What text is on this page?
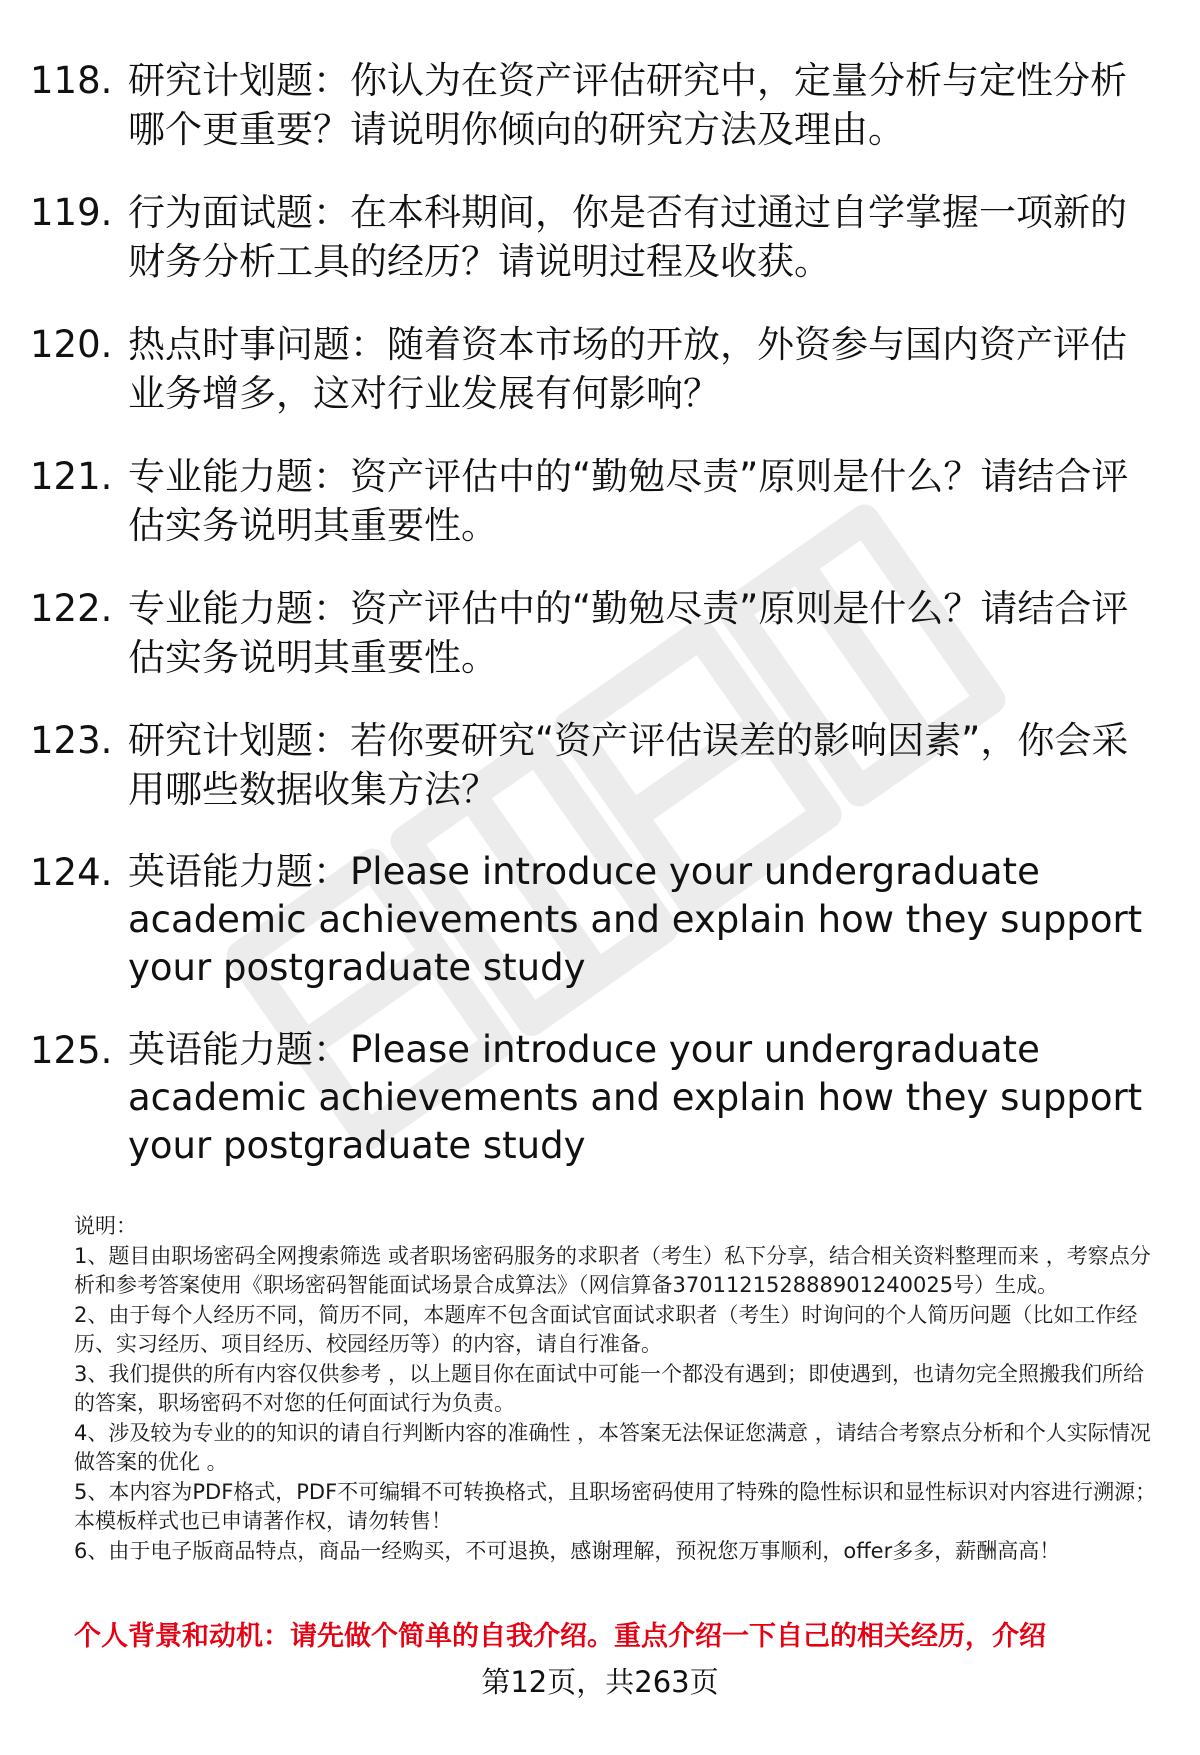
118. 研究计划题：你认为在资产评估研究中，定量分析与定性分析哪个更重要？请说明你倾向的研究方法及理由。
119. 行为面试题：在本科期间，你是否有过通过自学掌握一项新的财务分析工具的经历？请说明过程及收获。
120. 热点时事问题：随着资本市场的开放，外资参与国内资产评估业务增多，这对行业发展有何影响？
121. 专业能力题：资产评估中的“勤勉尽责”原则是什么？请结合评估实务说明其重要性。
122. 专业能力题：资产评估中的“勤勉尽责”原则是什么？请结合评估实务说明其重要性。
123. 研究计划题：若你要研究“资产评估误差的影响因素”，你会采用哪些数据收集方法？
124. 英语能力题：Please introduce your undergraduate academic achievements and explain how they support your postgraduate study
125. 英语能力题：Please introduce your undergraduate academic achievements and explain how they support your postgraduate study

说明：

1、题目由职场密码全网搜索筛选 或者职场密码服务的求职者（考生）私下分享，结合相关资料整理而来 ，考察点分析和参考答案使用《职场密码智能面试场景合成算法》（网信算备37011215288890124​0025号）生成。

2、由于每个人经历不同，简历不同，本题库不包含面试官面试求职者（考生）时询问的个人简历问题（比如工作经历、实习经历、项目经历、校园经历等）的内容，请自行准备。

3、我们提供的所有内容仅供参考 ，以上题目你在面试中可能一个都没有遇到；即使遇到，也请勿完全照搬我们所给的答案，职场密码不对您的任何面试行为负责。

4、涉及较为专业的的知识的请自行判断内容的准确性 ，本答案无法保证您满意 ，请结合考察点分析和个人实际情况做答案的优化 。

5、本内容为PDF格式，PDF不可编辑不可转换格式，且职场密码使用了特殊的隐性标识和显性标识对内容进行溯源；本模板样式也已申请著作权，请勿转售！

6、由于电子版商品特点，商品一经购买，不可退换，感谢理解，预祝您万事顺利，offer多多，薪酬高高！

个人背景和动机：请先做个简单的自我介绍。重点介绍一下自己的相关经历，介绍
第12页，共263页
